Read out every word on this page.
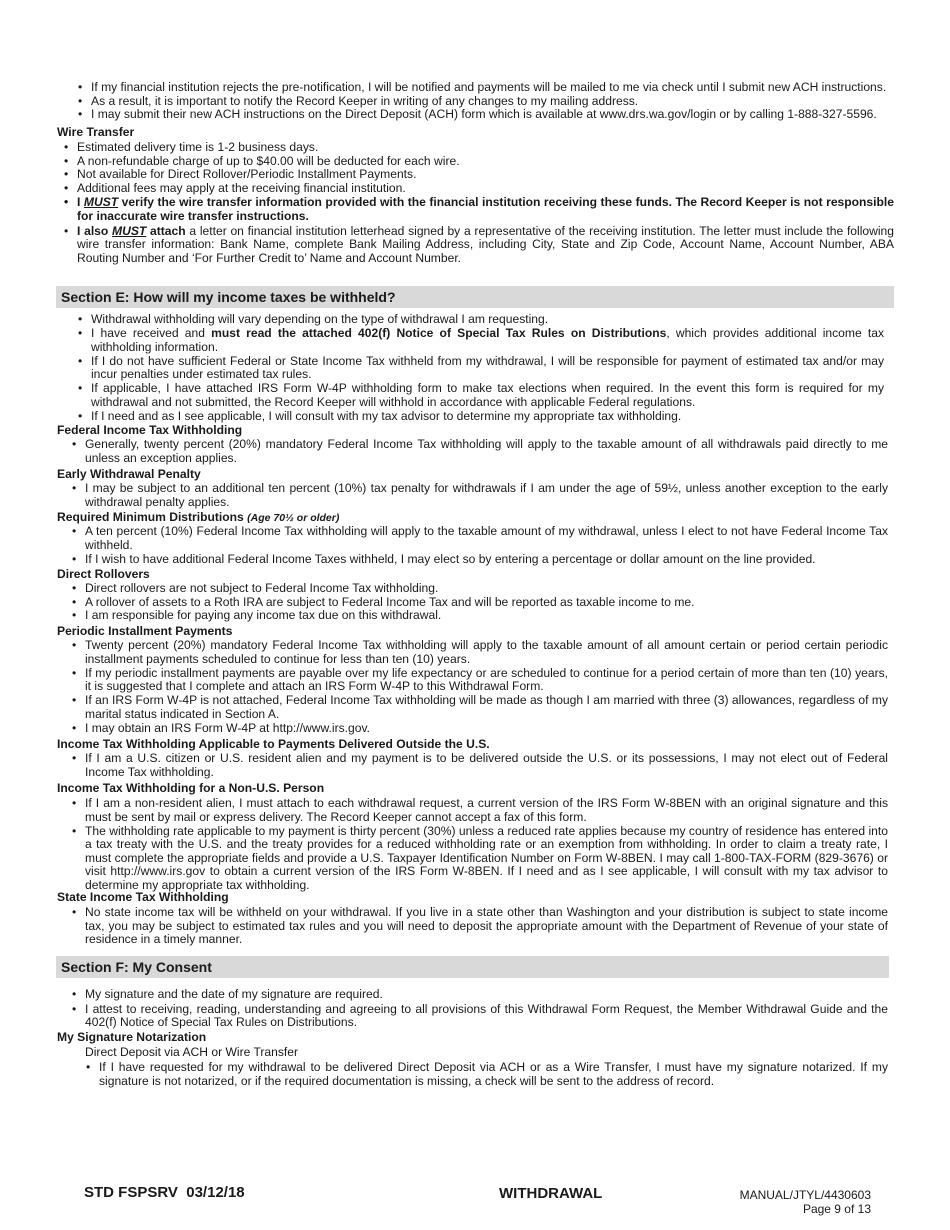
• If my financial institution rejects the pre-notification, I will be notified and payments will be mailed to me via check until I submit new ACH instructions.
• As a result, it is important to notify the Record Keeper in writing of any changes to my mailing address.
• I may submit their new ACH instructions on the Direct Deposit (ACH) form which is available at www.drs.wa.gov/login or by calling 1-888-327-5596.
Wire Transfer
• Estimated delivery time is 1-2 business days.
• A non-refundable charge of up to $40.00 will be deducted for each wire.
• Not available for Direct Rollover/Periodic Installment Payments.
• Additional fees may apply at the receiving financial institution.
• I MUST verify the wire transfer information provided with the financial institution receiving these funds. The Record Keeper is not responsible for inaccurate wire transfer instructions.
• I also MUST attach a letter on financial institution letterhead signed by a representative of the receiving institution. The letter must include the following wire transfer information: Bank Name, complete Bank Mailing Address, including City, State and Zip Code, Account Name, Account Number, ABA Routing Number and ‘For Further Credit to’ Name and Account Number.
Section E: How will my income taxes be withheld?
• Withdrawal withholding will vary depending on the type of withdrawal I am requesting.
• I have received and must read the attached 402(f) Notice of Special Tax Rules on Distributions, which provides additional income tax withholding information.
• If I do not have sufficient Federal or State Income Tax withheld from my withdrawal, I will be responsible for payment of estimated tax and/or may incur penalties under estimated tax rules.
• If applicable, I have attached IRS Form W-4P withholding form to make tax elections when required. In the event this form is required for my withdrawal and not submitted, the Record Keeper will withhold in accordance with applicable Federal regulations.
• If I need and as I see applicable, I will consult with my tax advisor to determine my appropriate tax withholding.
Federal Income Tax Withholding
• Generally, twenty percent (20%) mandatory Federal Income Tax withholding will apply to the taxable amount of all withdrawals paid directly to me unless an exception applies.
Early Withdrawal Penalty
• I may be subject to an additional ten percent (10%) tax penalty for withdrawals if I am under the age of 59½, unless another exception to the early withdrawal penalty applies.
Required Minimum Distributions (Age 70½ or older)
• A ten percent (10%) Federal Income Tax withholding will apply to the taxable amount of my withdrawal, unless I elect to not have Federal Income Tax withheld.
• If I wish to have additional Federal Income Taxes withheld, I may elect so by entering a percentage or dollar amount on the line provided.
Direct Rollovers
• Direct rollovers are not subject to Federal Income Tax withholding.
• A rollover of assets to a Roth IRA are subject to Federal Income Tax and will be reported as taxable income to me.
• I am responsible for paying any income tax due on this withdrawal.
Periodic Installment Payments
• Twenty percent (20%) mandatory Federal Income Tax withholding will apply to the taxable amount of all amount certain or period certain periodic installment payments scheduled to continue for less than ten (10) years.
• If my periodic installment payments are payable over my life expectancy or are scheduled to continue for a period certain of more than ten (10) years, it is suggested that I complete and attach an IRS Form W-4P to this Withdrawal Form.
• If an IRS Form W-4P is not attached, Federal Income Tax withholding will be made as though I am married with three (3) allowances, regardless of my marital status indicated in Section A.
• I may obtain an IRS Form W-4P at http://www.irs.gov.
Income Tax Withholding Applicable to Payments Delivered Outside the U.S.
• If I am a U.S. citizen or U.S. resident alien and my payment is to be delivered outside the U.S. or its possessions, I may not elect out of Federal Income Tax withholding.
Income Tax Withholding for a Non-U.S. Person
• If I am a non-resident alien, I must attach to each withdrawal request, a current version of the IRS Form W-8BEN with an original signature and this must be sent by mail or express delivery. The Record Keeper cannot accept a fax of this form.
• The withholding rate applicable to my payment is thirty percent (30%) unless a reduced rate applies because my country of residence has entered into a tax treaty with the U.S. and the treaty provides for a reduced withholding rate or an exemption from withholding. In order to claim a treaty rate, I must complete the appropriate fields and provide a U.S. Taxpayer Identification Number on Form W-8BEN. I may call 1-800-TAX-FORM (829-3676) or visit http://www.irs.gov to obtain a current version of the IRS Form W-8BEN. If I need and as I see applicable, I will consult with my tax advisor to determine my appropriate tax withholding.
State Income Tax Withholding
• No state income tax will be withheld on your withdrawal. If you live in a state other than Washington and your distribution is subject to state income tax, you may be subject to estimated tax rules and you will need to deposit the appropriate amount with the Department of Revenue of your state of residence in a timely manner.
Section F: My Consent
• My signature and the date of my signature are required.
• I attest to receiving, reading, understanding and agreeing to all provisions of this Withdrawal Form Request, the Member Withdrawal Guide and the 402(f) Notice of Special Tax Rules on Distributions.
My Signature Notarization
Direct Deposit via ACH or Wire Transfer
• If I have requested for my withdrawal to be delivered Direct Deposit via ACH or as a Wire Transfer, I must have my signature notarized. If my signature is not notarized, or if the required documentation is missing, a check will be sent to the address of record.
STD FSPSRV  03/12/18	WITHDRAWAL	MANUAL/JTYL/4430603
Page 9 of 13
